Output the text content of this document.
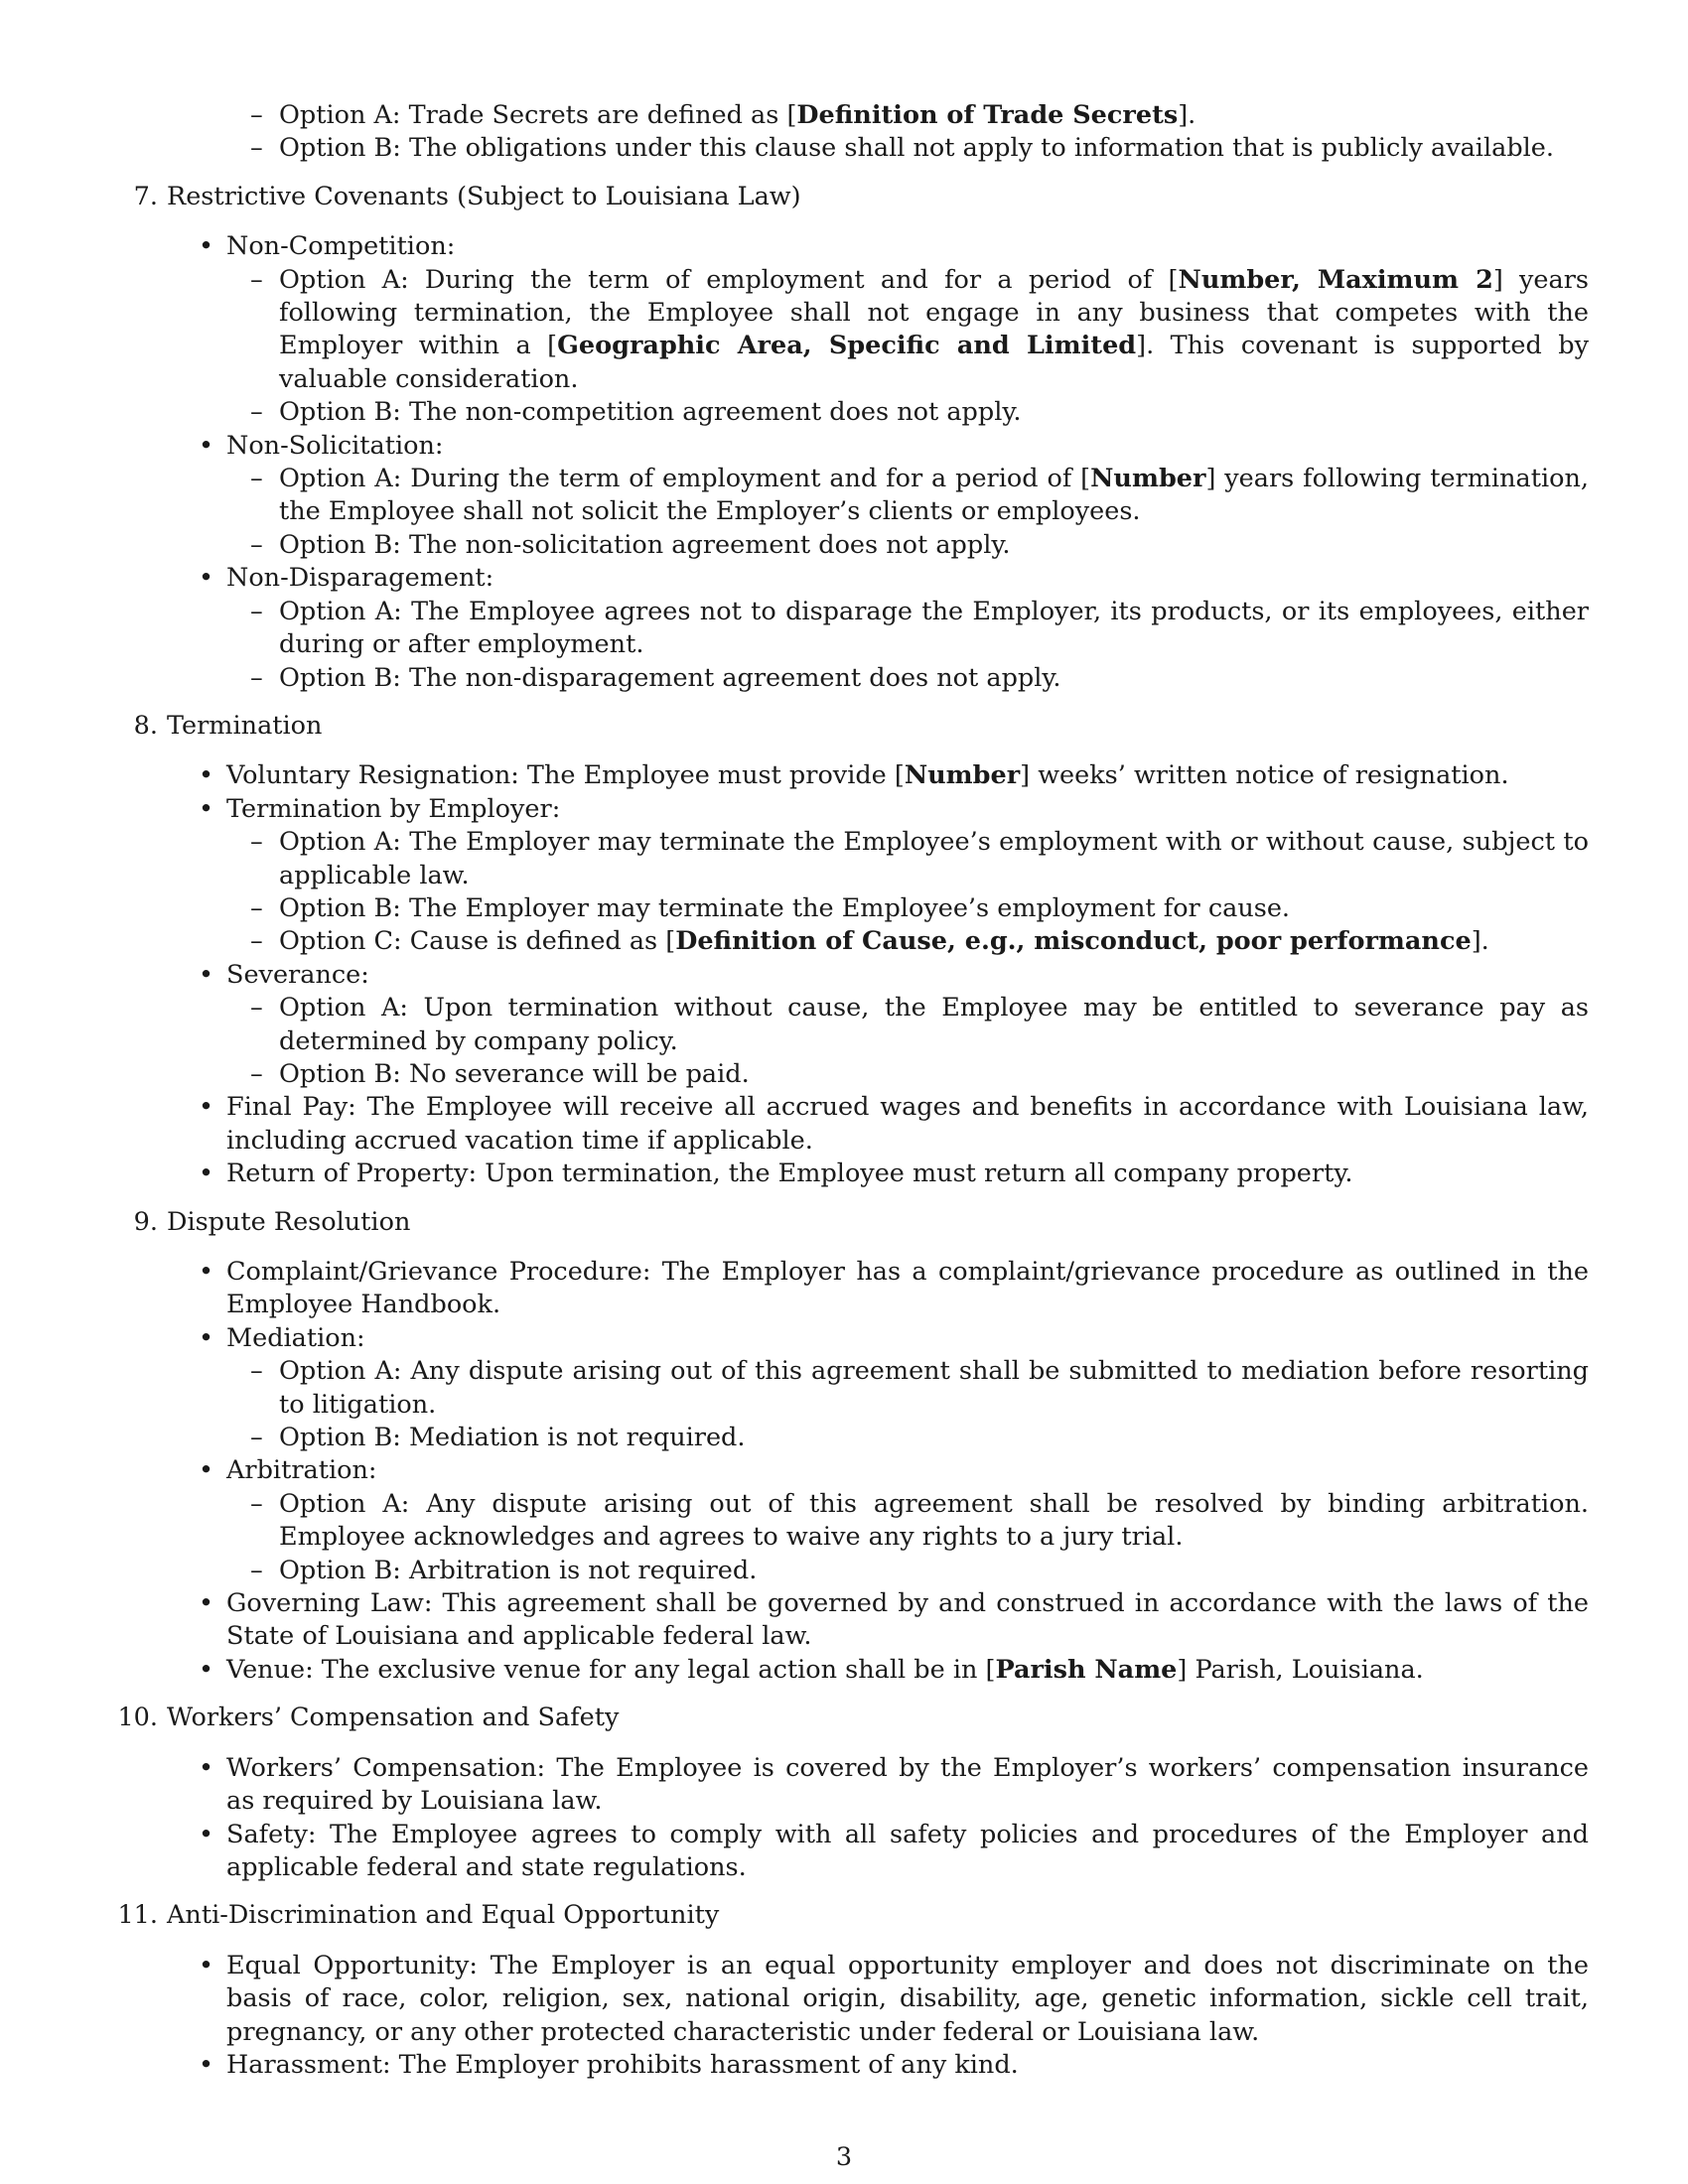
– Option A: Trade Secrets are defined as [Definition of Trade Secrets].
– Option B: The obligations under this clause shall not apply to information that is publicly available.
7. Restrictive Covenants (Subject to Louisiana Law)
• Non-Competition:
– Option A: During the term of employment and for a period of [Number, Maximum 2] years following termination, the Employee shall not engage in any business that competes with the Employer within a [Geographic Area, Specific and Limited]. This covenant is supported by valuable consideration.
– Option B: The non-competition agreement does not apply.
• Non-Solicitation:
– Option A: During the term of employment and for a period of [Number] years following termination, the Employee shall not solicit the Employer’s clients or employees.
– Option B: The non-solicitation agreement does not apply.
• Non-Disparagement:
– Option A: The Employee agrees not to disparage the Employer, its products, or its employees, either during or after employment.
– Option B: The non-disparagement agreement does not apply.
8. Termination
• Voluntary Resignation: The Employee must provide [Number] weeks’ written notice of resignation.
• Termination by Employer:
– Option A: The Employer may terminate the Employee’s employment with or without cause, subject to applicable law.
– Option B: The Employer may terminate the Employee’s employment for cause.
– Option C: Cause is defined as [Definition of Cause, e.g., misconduct, poor performance].
• Severance:
– Option A: Upon termination without cause, the Employee may be entitled to severance pay as determined by company policy.
– Option B: No severance will be paid.
• Final Pay: The Employee will receive all accrued wages and benefits in accordance with Louisiana law, including accrued vacation time if applicable.
• Return of Property: Upon termination, the Employee must return all company property.
9. Dispute Resolution
• Complaint/Grievance Procedure: The Employer has a complaint/grievance procedure as outlined in the Employee Handbook.
• Mediation:
– Option A: Any dispute arising out of this agreement shall be submitted to mediation before resorting to litigation.
– Option B: Mediation is not required.
• Arbitration:
– Option A: Any dispute arising out of this agreement shall be resolved by binding arbitration. Employee acknowledges and agrees to waive any rights to a jury trial.
– Option B: Arbitration is not required.
• Governing Law: This agreement shall be governed by and construed in accordance with the laws of the State of Louisiana and applicable federal law.
• Venue: The exclusive venue for any legal action shall be in [Parish Name] Parish, Louisiana.
10. Workers’ Compensation and Safety
• Workers’ Compensation: The Employee is covered by the Employer’s workers’ compensation insurance as required by Louisiana law.
• Safety: The Employee agrees to comply with all safety policies and procedures of the Employer and applicable federal and state regulations.
11. Anti-Discrimination and Equal Opportunity
• Equal Opportunity: The Employer is an equal opportunity employer and does not discriminate on the basis of race, color, religion, sex, national origin, disability, age, genetic information, sickle cell trait, pregnancy, or any other protected characteristic under federal or Louisiana law.
• Harassment: The Employer prohibits harassment of any kind.
3
